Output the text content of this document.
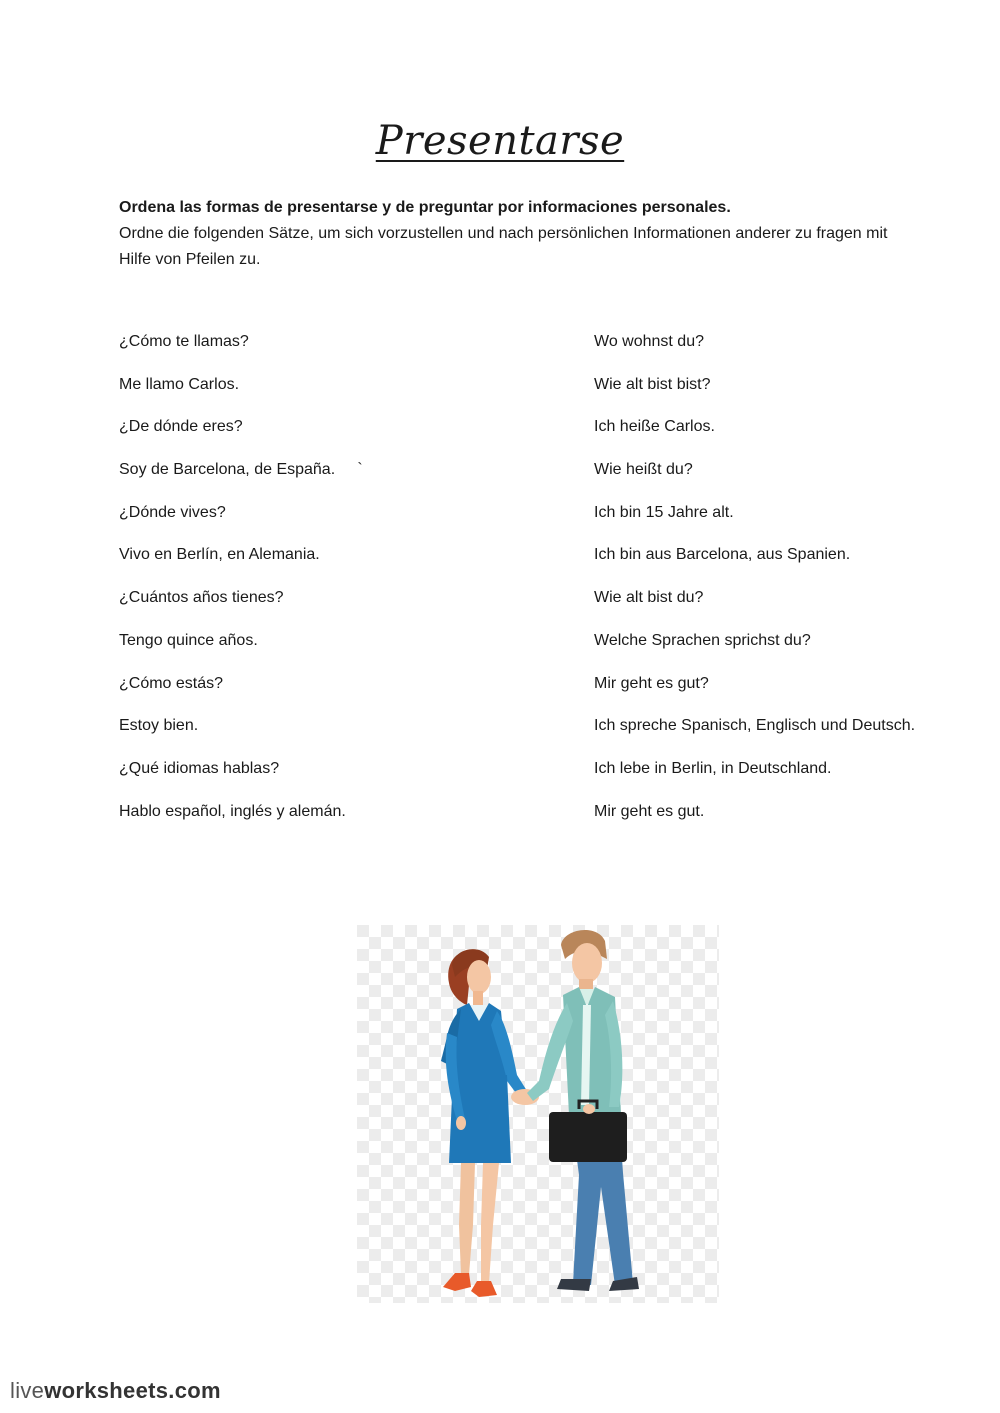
Presentarse
Ordena las formas de presentarse y de preguntar por informaciones personales.
Ordne die folgenden Sätze, um sich vorzustellen und nach persönlichen Informationen anderer zu fragen mit Hilfe von Pfeilen zu.
¿Cómo te llamas?
Me llamo Carlos.
¿De dónde eres?
Soy de Barcelona, de España.     `
¿Dónde vives?
Vivo en Berlín, en Alemania.
¿Cuántos años tienes?
Tengo quince años.
¿Cómo estás?
Estoy bien.
¿Qué idiomas hablas?
Hablo español, inglés y alemán.
Wo wohnst du?
Wie alt bist bist?
Ich heiße Carlos.
Wie heißt du?
Ich bin 15 Jahre alt.
Ich bin aus Barcelona, aus Spanien.
Wie alt bist du?
Welche Sprachen sprichst du?
Mir geht es gut?
Ich spreche Spanisch, Englisch und Deutsch.
Ich lebe in Berlin, in Deutschland.
Mir geht es gut.
liveworksheets.com
